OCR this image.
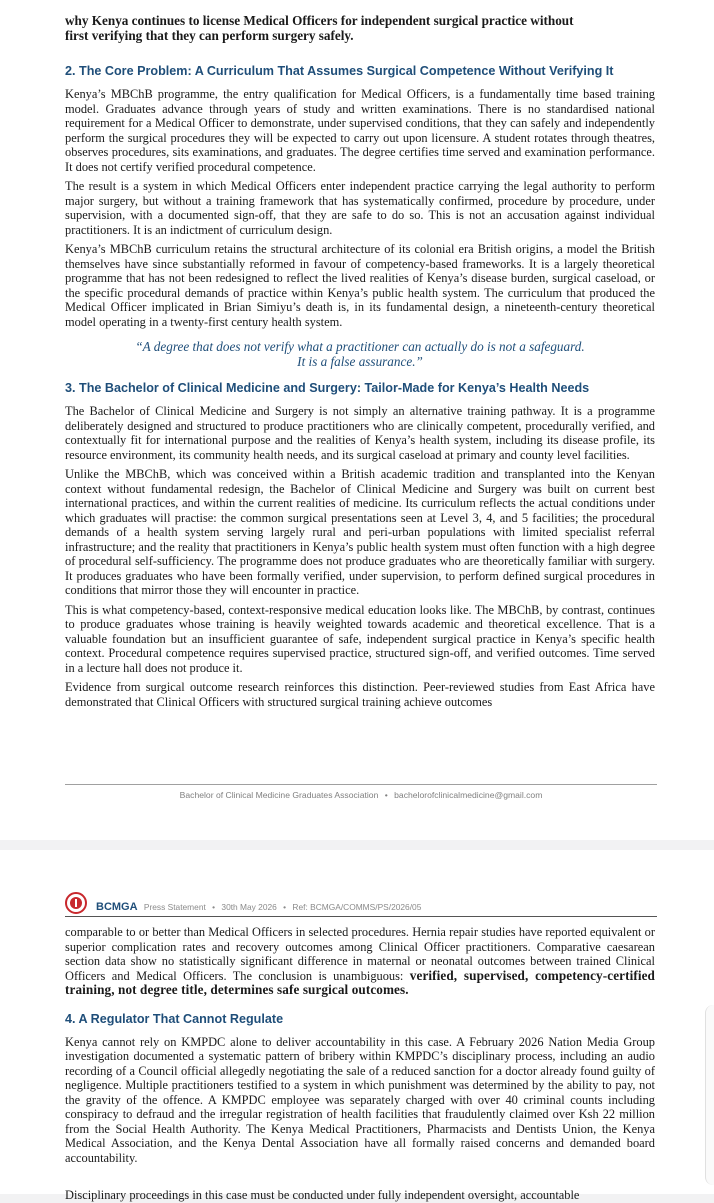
why Kenya continues to license Medical Officers for independent surgical practice without
first verifying that they can perform surgery safely.
2. The Core Problem: A Curriculum That Assumes Surgical Competence Without Verifying It

Kenya’s MBChB programme, the entry qualification for Medical Officers, is a fundamentally time based training model. Graduates advance through years of study and written examinations. There is no standardised national requirement for a Medical Officer to demonstrate, under supervised conditions, that they can safely and independently perform the surgical procedures they will be expected to carry out upon licensure. A student rotates through theatres, observes procedures, sits examinations, and graduates. The degree certifies time served and examination performance. It does not certify verified procedural competence.

The result is a system in which Medical Officers enter independent practice carrying the legal authority to perform major surgery, but without a training framework that has systematically confirmed, procedure by procedure, under supervision, with a documented sign-off, that they are safe to do so. This is not an accusation against individual practitioners. It is an indictment of curriculum design.

Kenya’s MBChB curriculum retains the structural architecture of its colonial era British origins, a model the British themselves have since substantially reformed in favour of competency-based frameworks. It is a largely theoretical programme that has not been redesigned to reflect the lived realities of Kenya’s disease burden, surgical caseload, or the specific procedural demands of practice within Kenya’s public health system. The curriculum that produced the Medical Officer implicated in Brian Simiyu’s death is, in its fundamental design, a nineteenth-century theoretical model operating in a twenty-first century health system.

“A degree that does not verify what a practitioner can actually do is not a safeguard.
It is a false assurance.”
3. The Bachelor of Clinical Medicine and Surgery: Tailor-Made for Kenya’s Health Needs

The Bachelor of Clinical Medicine and Surgery is not simply an alternative training pathway. It is a programme deliberately designed and structured to produce practitioners who are clinically competent, procedurally verified, and contextually fit for international purpose and the realities of Kenya’s health system, including its disease profile, its resource environment, its community health needs, and its surgical caseload at primary and county level facilities.

Unlike the MBChB, which was conceived within a British academic tradition and transplanted into the Kenyan context without fundamental redesign, the Bachelor of Clinical Medicine and Surgery was built on current best international practices, and within the current realities of medicine. Its curriculum reflects the actual conditions under which graduates will practise: the common surgical presentations seen at Level 3, 4, and 5 facilities; the procedural demands of a health system serving largely rural and peri-urban populations with limited specialist referral infrastructure; and the reality that practitioners in Kenya’s public health system must often function with a high degree of procedural self-sufficiency. The programme does not produce graduates who are theoretically familiar with surgery. It produces graduates who have been formally verified, under supervision, to perform defined surgical procedures in conditions that mirror those they will encounter in practice.

This is what competency-based, context-responsive medical education looks like. The MBChB, by contrast, continues to produce graduates whose training is heavily weighted towards academic and theoretical excellence. That is a valuable foundation but an insufficient guarantee of safe, independent surgical practice in Kenya’s specific health context. Procedural competence requires supervised practice, structured sign-off, and verified outcomes. Time served in a lecture hall does not produce it.

Evidence from surgical outcome research reinforces this distinction. Peer-reviewed studies from East Africa have demonstrated that Clinical Officers with structured surgical training achieve outcomes

Bachelor of Clinical Medicine Graduates Association • bachelorofclinicalmedicine@gmail.com
BCMGA Press Statement • 30th May 2026 • Ref: BCMGA/COMMS/PS/2026/05

comparable to or better than Medical Officers in selected procedures. Hernia repair studies have reported equivalent or superior complication rates and recovery outcomes among Clinical Officer practitioners. Comparative caesarean section data show no statistically significant difference in maternal or neonatal outcomes between trained Clinical Officers and Medical Officers. The conclusion is unambiguous: verified, supervised, competency-certified training, not degree title, determines safe surgical outcomes.

4. A Regulator That Cannot Regulate

Kenya cannot rely on KMPDC alone to deliver accountability in this case. A February 2026 Nation Media Group investigation documented a systematic pattern of bribery within KMPDC’s disciplinary process, including an audio recording of a Council official allegedly negotiating the sale of a reduced sanction for a doctor already found guilty of negligence. Multiple practitioners testified to a system in which punishment was determined by the ability to pay, not the gravity of the offence. A KMPDC employee was separately charged with over 40 criminal counts including conspiracy to defraud and the irregular registration of health facilities that fraudulently claimed over Ksh 22 million from the Social Health Authority. The Kenya Medical Practitioners, Pharmacists and Dentists Union, the Kenya Medical Association, and the Kenya Dental Association have all formally raised concerns and demanded board accountability.

Disciplinary proceedings in this case must be conducted under fully independent oversight, accountable
